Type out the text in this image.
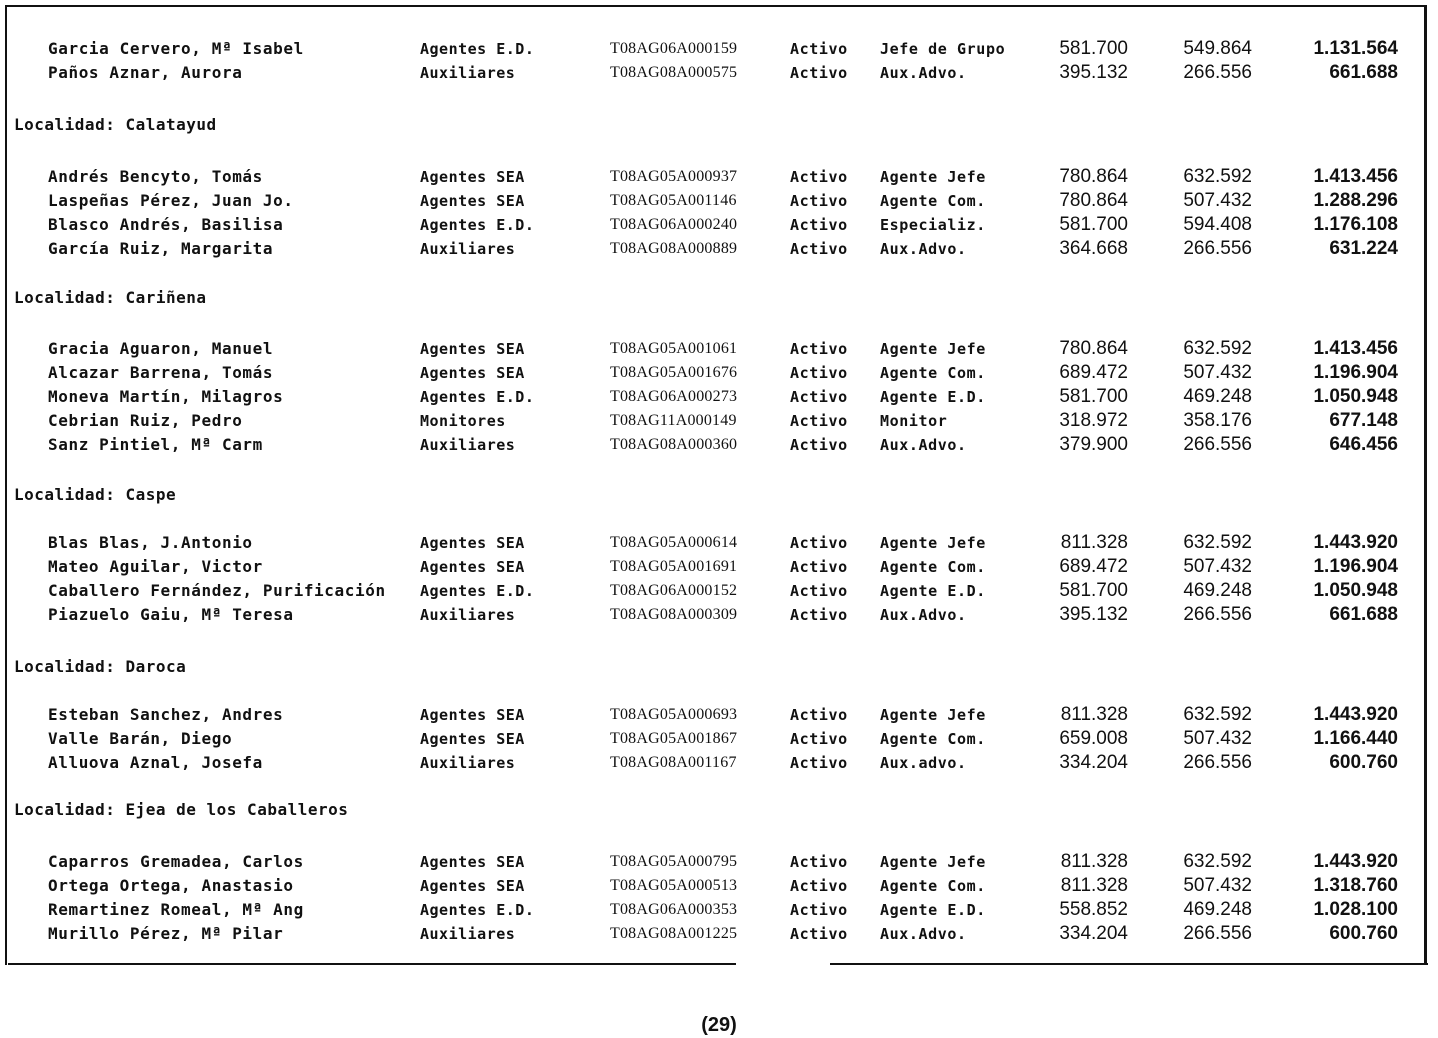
Garcia Cervero, Mª Isabel	Agentes E.D.	T08AG06A000159	Activo Jefe de Grupo	581.700	549.864	1.131.564
Paños Aznar, Aurora	Auxiliares	T08AG08A000575	Activo Aux.Advo.	395.132	266.556	661.688
Localidad: Calatayud
Andrés Bencyto, Tomás	Agentes SEA	T08AG05A000937	Activo Agente Jefe	780.864	632.592	1.413.456
Laspeñas Pérez, Juan Jo.	Agentes SEA	T08AG05A001146	Activo Agente Com.	780.864	507.432	1.288.296
Blasco Andrés, Basilisa	Agentes E.D.	T08AG06A000240	Activo Especializ.	581.700	594.408	1.176.108
García Ruiz, Margarita	Auxiliares	T08AG08A000889	Activo Aux.Advo.	364.668	266.556	631.224
Localidad: Cariñena
Gracia Aguaron, Manuel	Agentes SEA	T08AG05A001061	Activo Agente Jefe	780.864	632.592	1.413.456
Alcazar Barrena, Tomás	Agentes SEA	T08AG05A001676	Activo Agente Com.	689.472	507.432	1.196.904
Moneva Martín, Milagros	Agentes E.D.	T08AG06A000273	Activo Agente E.D.	581.700	469.248	1.050.948
Cebrian Ruiz, Pedro	Monitores	T08AG11A000149	Activo Monitor	318.972	358.176	677.148
Sanz Pintiel, Mª Carm	Auxiliares	T08AG08A000360	Activo Aux.Advo.	379.900	266.556	646.456
Localidad: Caspe
Blas Blas, J.Antonio	Agentes SEA	T08AG05A000614	Activo Agente Jefe	811.328	632.592	1.443.920
Mateo Aguilar, Victor	Agentes SEA	T08AG05A001691	Activo Agente Com.	689.472	507.432	1.196.904
Caballero Fernández, Purificación Agentes E.D.	T08AG06A000152	Activo Agente E.D.	581.700	469.248	1.050.948
Piazuelo Gaiu, Mª Teresa	Auxiliares	T08AG08A000309	Activo Aux.Advo.	395.132	266.556	661.688
Localidad: Daroca
Esteban Sanchez, Andres	Agentes SEA	T08AG05A000693	Activo Agente Jefe	811.328	632.592	1.443.920
Valle Barán, Diego	Agentes SEA	T08AG05A001867	Activo Agente Com.	659.008	507.432	1.166.440
Alluova Aznal, Josefa	Auxiliares	T08AG08A001167	Activo Aux.advo.	334.204	266.556	600.760
Localidad: Ejea de los Caballeros
Caparros Gremadea, Carlos	Agentes SEA	T08AG05A000795	Activo Agente Jefe	811.328	632.592	1.443.920
Ortega Ortega, Anastasio	Agentes SEA	T08AG05A000513	Activo Agente Com.	811.328	507.432	1.318.760
Remartinez Romeal, Mª Ang	Agentes E.D.	T08AG06A000353	Activo Agente E.D.	558.852	469.248	1.028.100
Murillo Pérez, Mª Pilar	Auxiliares	T08AG08A001225	Activo Aux.Advo.	334.204	266.556	600.760
(29)
